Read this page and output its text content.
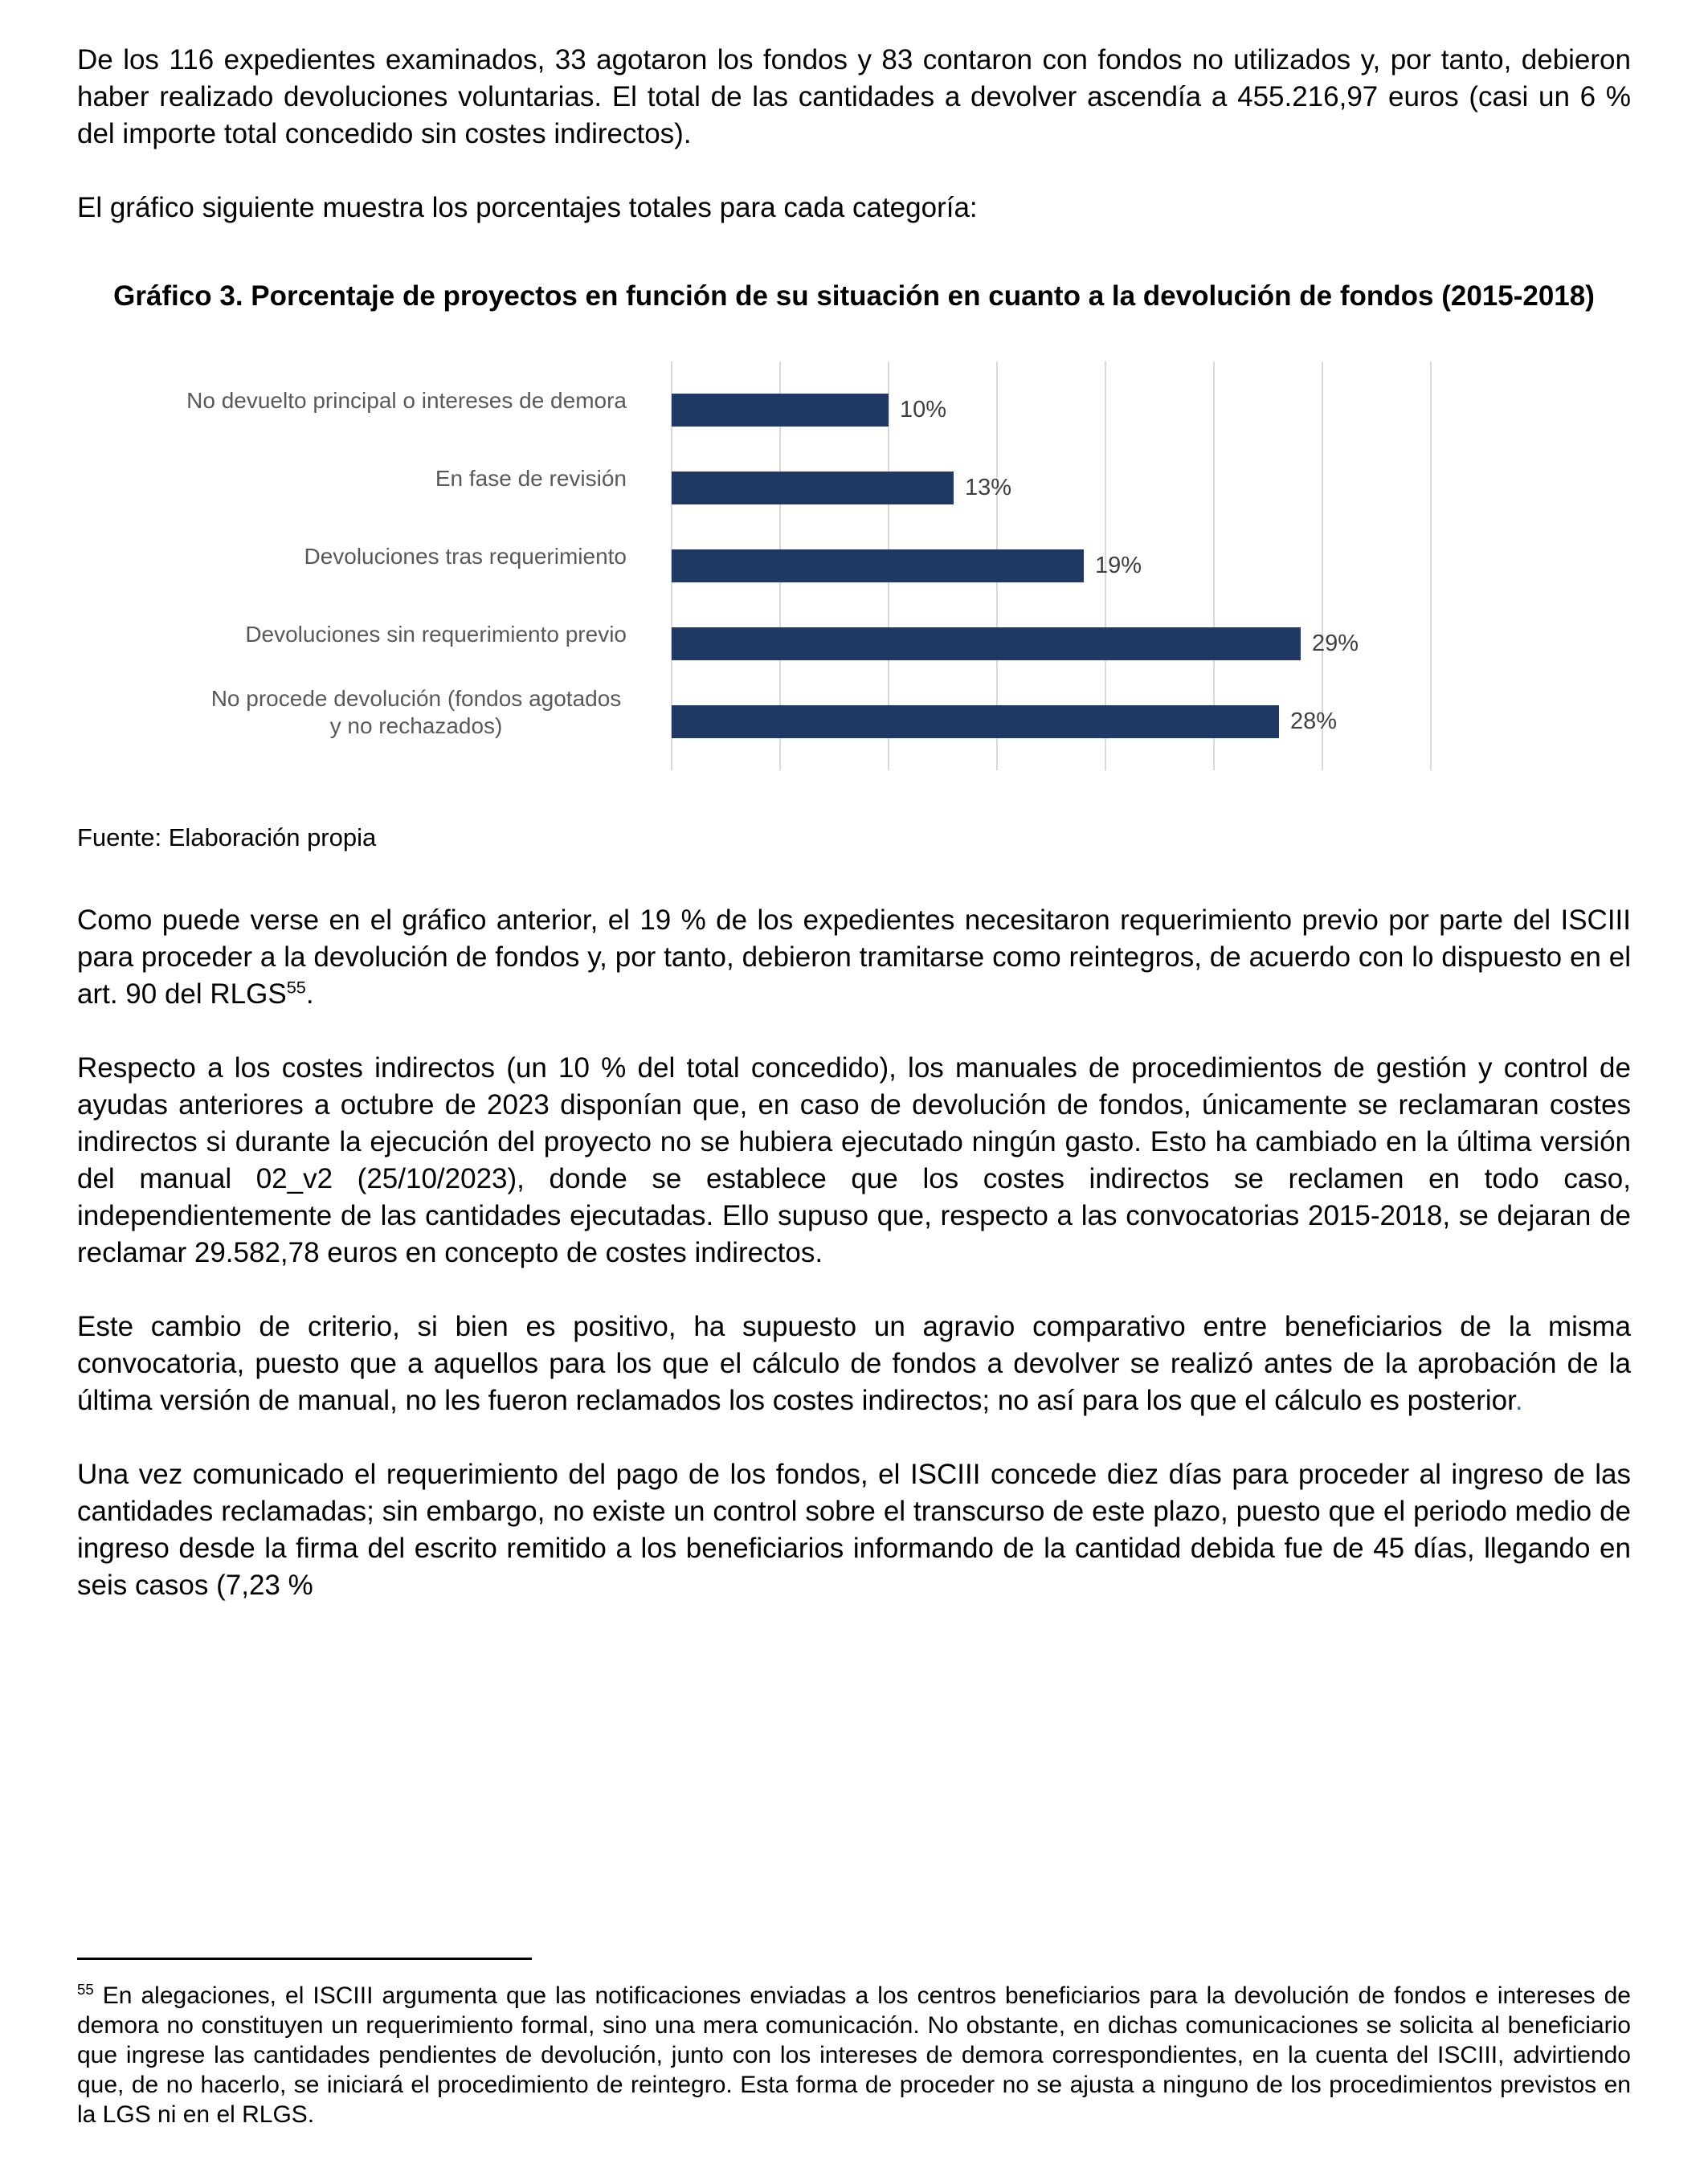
De los 116 expedientes examinados, 33 agotaron los fondos y 83 contaron con fondos no utilizados y, por tanto, debieron haber realizado devoluciones voluntarias. El total de las cantidades a devolver ascendía a 455.216,97 euros (casi un 6 % del importe total concedido sin costes indirectos).

El gráfico siguiente muestra los porcentajes totales para cada categoría:

Gráfico 3. Porcentaje de proyectos en función de su situación en cuanto a la devolución de fondos (2015-2018)
No devuelto principal o intereses de demora
En fase de revisión
Devoluciones tras requerimiento
Devoluciones sin requerimiento previo
No procede devolución (fondos agotados y no rechazados)
10%
13%
19%
29%
28%

Fuente: Elaboración propia

Como puede verse en el gráfico anterior, el 19 % de los expedientes necesitaron requerimiento previo por parte del ISCIII para proceder a la devolución de fondos y, por tanto, debieron tramitarse como reintegros, de acuerdo con lo dispuesto en el art. 90 del RLGS$^{55}$.

Respecto a los costes indirectos (un 10 % del total concedido), los manuales de procedimientos de gestión y control de ayudas anteriores a octubre de 2023 disponían que, en caso de devolución de fondos, únicamente se reclamaran costes indirectos si durante la ejecución del proyecto no se hubiera ejecutado ningún gasto. Esto ha cambiado en la última versión del manual 02_v2 (25/10/2023), donde se establece que los costes indirectos se reclamen en todo caso, independientemente de las cantidades ejecutadas. Ello supuso que, respecto a las convocatorias 2015-2018, se dejaran de reclamar 29.582,78 euros en concepto de costes indirectos.

Este cambio de criterio, si bien es positivo, ha supuesto un agravio comparativo entre beneficiarios de la misma convocatoria, puesto que a aquellos para los que el cálculo de fondos a devolver se realizó antes de la aprobación de la última versión de manual, no les fueron reclamados los costes indirectos; no así para los que el cálculo es posterior.

Una vez comunicado el requerimiento del pago de los fondos, el ISCIII concede diez días para proceder al ingreso de las cantidades reclamadas; sin embargo, no existe un control sobre el transcurso de este plazo, puesto que el periodo medio de ingreso desde la firma del escrito remitido a los beneficiarios informando de la cantidad debida fue de 45 días, llegando en seis casos (7,23 %

$^{55}$ En alegaciones, el ISCIII argumenta que las notificaciones enviadas a los centros beneficiarios para la devolución de fondos e intereses de demora no constituyen un requerimiento formal, sino una mera comunicación. No obstante, en dichas comunicaciones se solicita al beneficiario que ingrese las cantidades pendientes de devolución, junto con los intereses de demora correspondientes, en la cuenta del ISCIII, advirtiendo que, de no hacerlo, se iniciará el procedimiento de reintegro. Esta forma de proceder no se ajusta a ninguno de los procedimientos previstos en la LGS ni en el RLGS.
